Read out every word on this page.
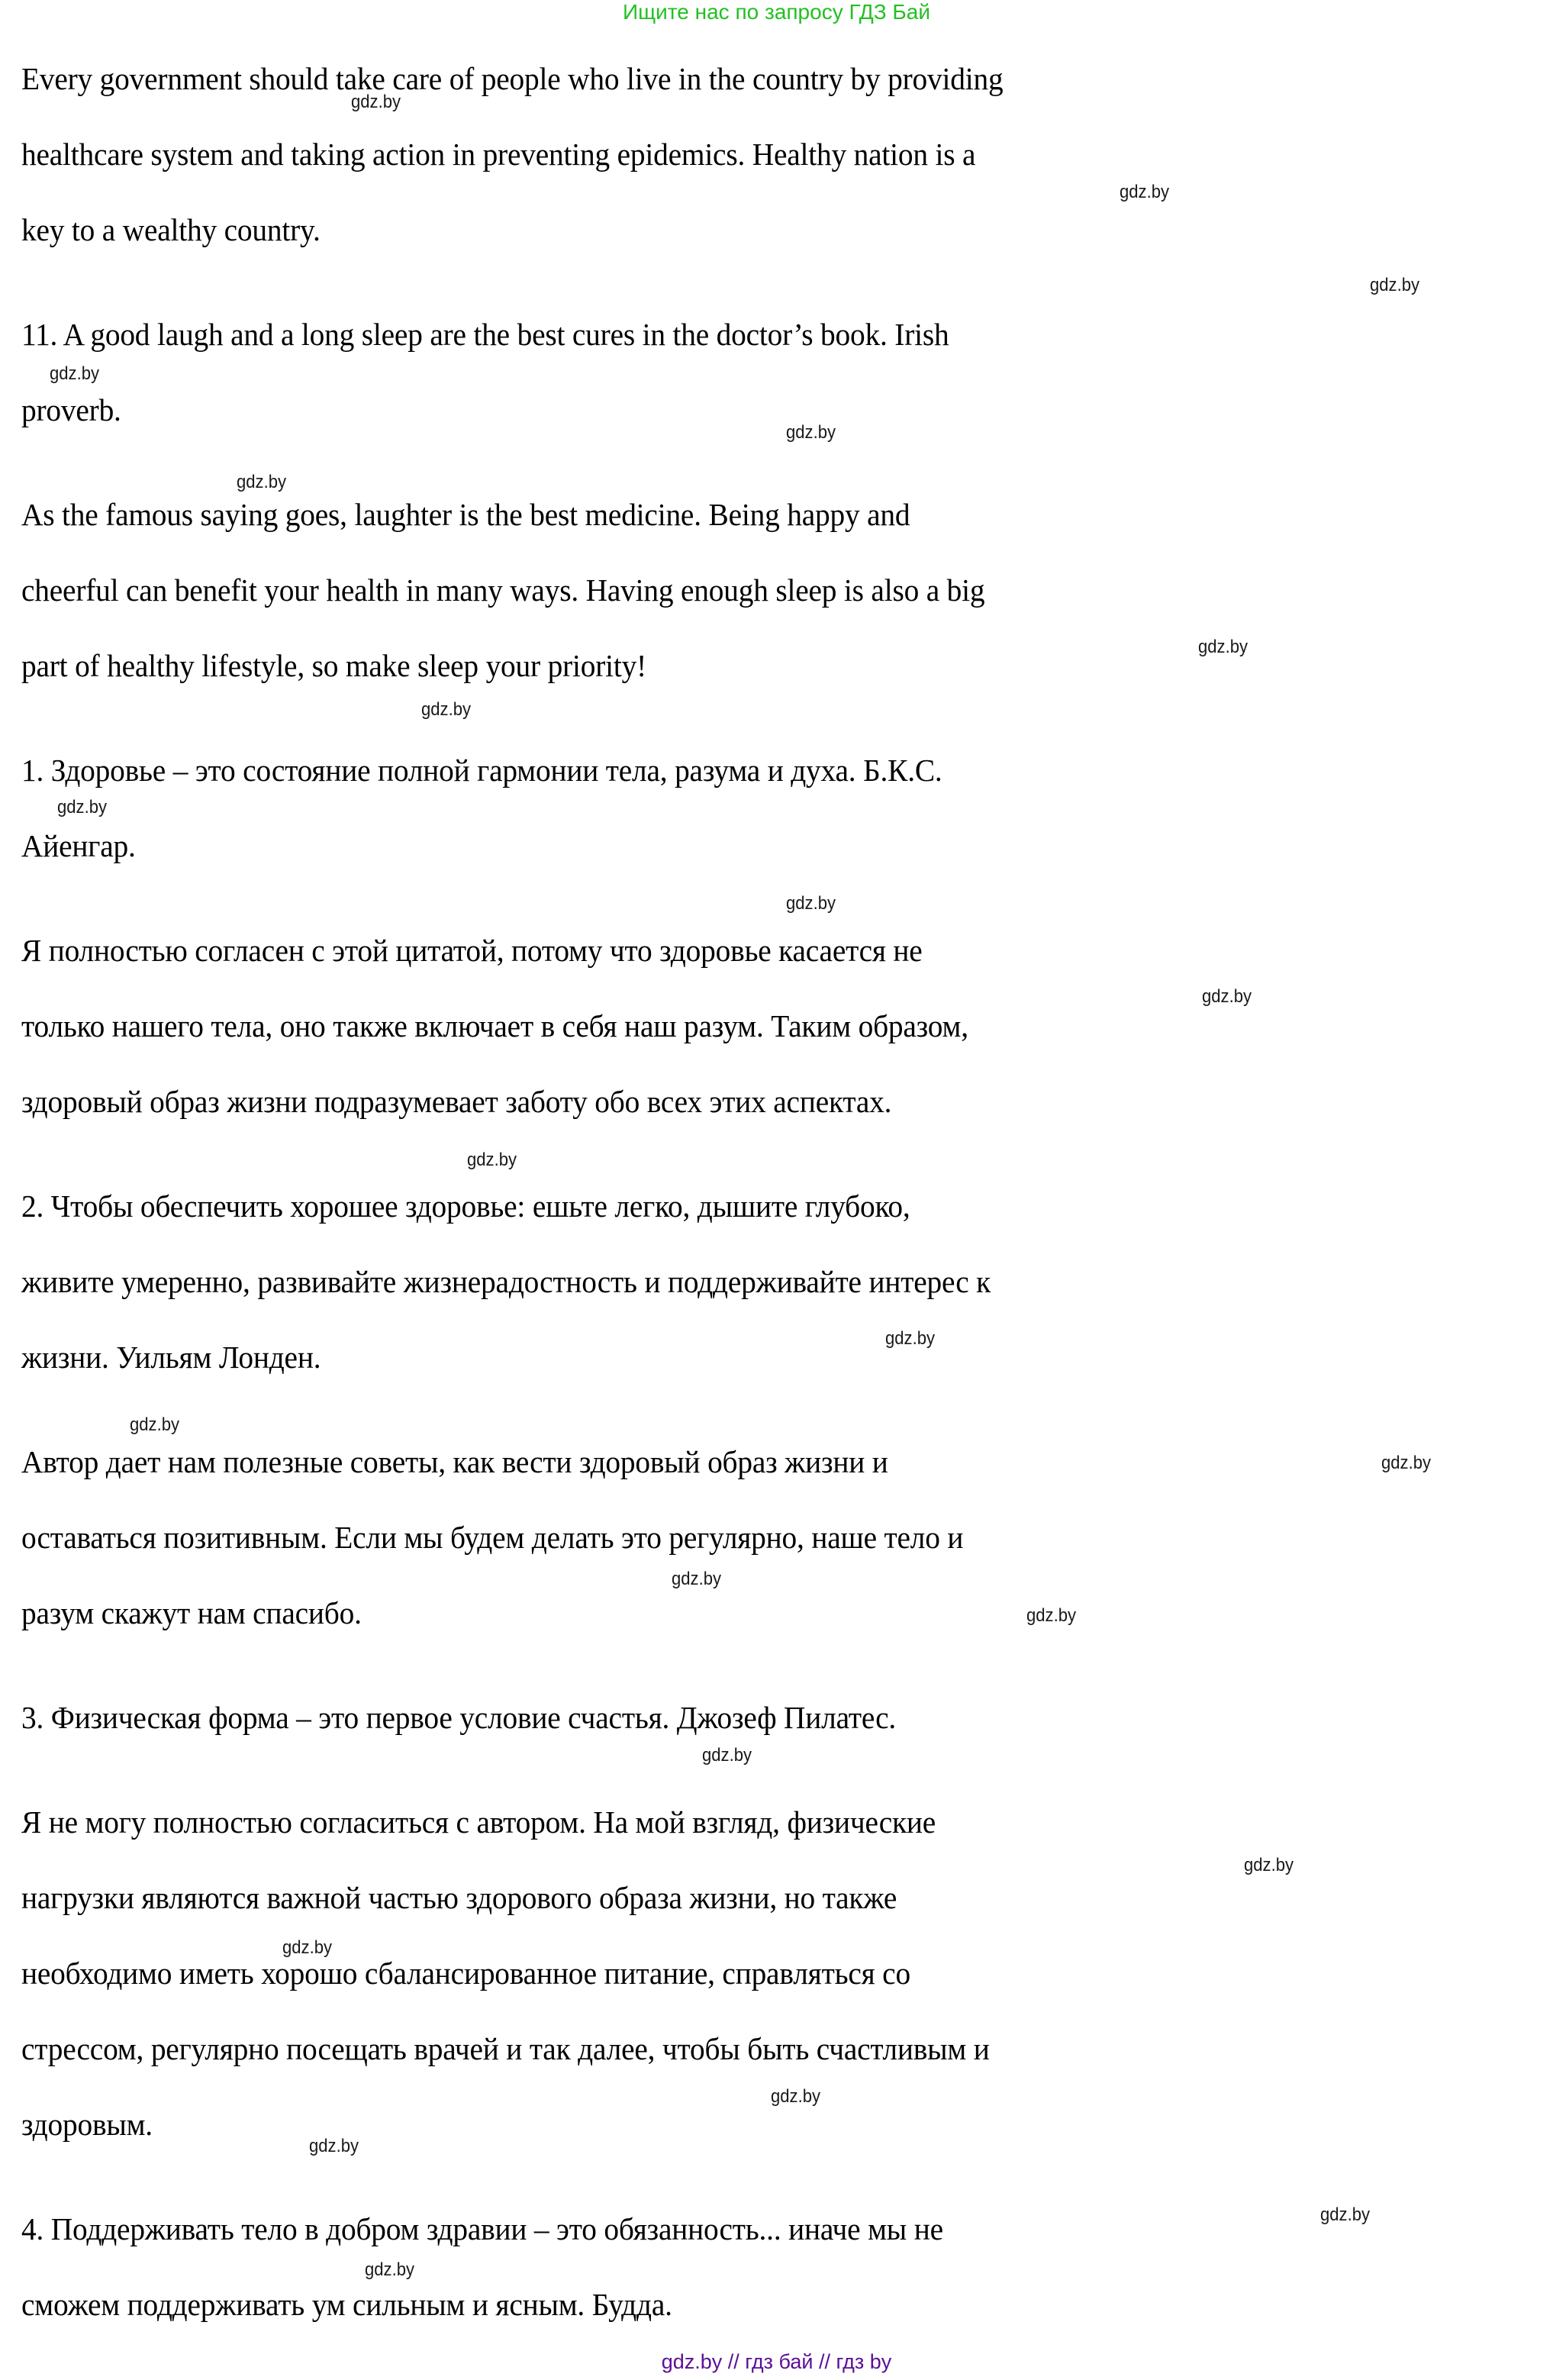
Ищите нас по запросу ГДЗ Бай
Every government should take care of people who live in the country by providing
healthcare system and taking action in preventing epidemics. Healthy nation is a
key to a wealthy country.
11. A good laugh and a long sleep are the best cures in the doctor’s book. Irish
proverb.
As the famous saying goes, laughter is the best medicine. Being happy and
cheerful can benefit your health in many ways. Having enough sleep is also a big
part of healthy lifestyle, so make sleep your priority!
1. Здоровье – это состояние полной гармонии тела, разума и духа. Б.К.С.
Айенгар.
Я полностью согласен с этой цитатой, потому что здоровье касается не
только нашего тела, оно также включает в себя наш разум. Таким образом,
здоровый образ жизни подразумевает заботу обо всех этих аспектах.
2. Чтобы обеспечить хорошее здоровье: ешьте легко, дышите глубоко,
живите умеренно, развивайте жизнерадостность и поддерживайте интерес к
жизни. Уильям Лонден.
Автор дает нам полезные советы, как вести здоровый образ жизни и
оставаться позитивным. Если мы будем делать это регулярно, наше тело и
разум скажут нам спасибо.
3. Физическая форма – это первое условие счастья. Джозеф Пилатес.
Я не могу полностью согласиться с автором. На мой взгляд, физические
нагрузки являются важной частью здорового образа жизни, но также
необходимо иметь хорошо сбалансированное питание, справляться со
стрессом, регулярно посещать врачей и так далее, чтобы быть счастливым и
здоровым.
4. Поддерживать тело в добром здравии – это обязанность... иначе мы не
сможем поддерживать ум сильным и ясным. Будда.
gdz.by
gdz.by
gdz.by
gdz.by
gdz.by
gdz.by
gdz.by
gdz.by
gdz.by
gdz.by
gdz.by
gdz.by
gdz.by
gdz.by
gdz.by
gdz.by
gdz.by
gdz.by
gdz.by
gdz.by
gdz.by
gdz.by
gdz.by
gdz.by
gdz.by // гдз бай // гдз by
